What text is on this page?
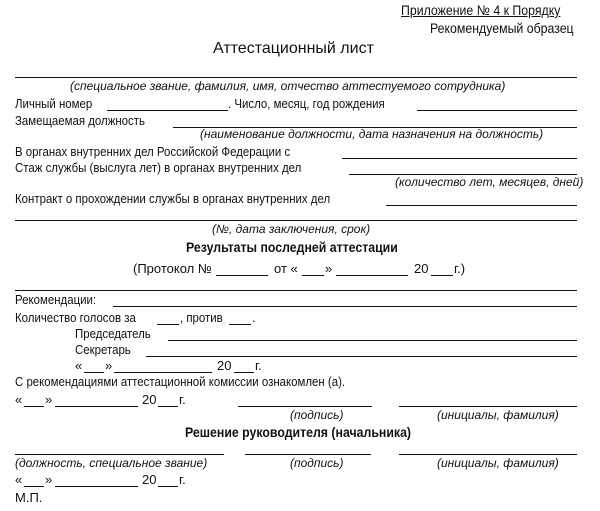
Приложение № 4 к Порядку
Рекомендуемый образец
Аттестационный лист
(специальное звание, фамилия, имя, отчество аттестуемого сотрудника)
Личный номер	. Число, месяц, год рождения
Замещаемая должность
(наименование должности, дата назначения на должность)
В органах внутренних дел Российской Федерации с
Стаж службы (выслуга лет) в органах внутренних дел
(количество лет, месяцев, дней)
Контракт о прохождении службы в органах внутренних дел
(№, дата заключения, срок)
Результаты последней аттестации
(Протокол №	от « »	20 г.)
Рекомендации:
Количество голосов за	, против .
Председатель
Секретарь
« »	20 г.
С рекомендациями аттестационной комиссии ознакомлен (а).
« »	20 г.
(подпись)	(инициалы, фамилия)
Решение руководителя (начальника)
(должность, специальное звание)	(подпись)	(инициалы, фамилия)
« »	20 г.
М.П.
